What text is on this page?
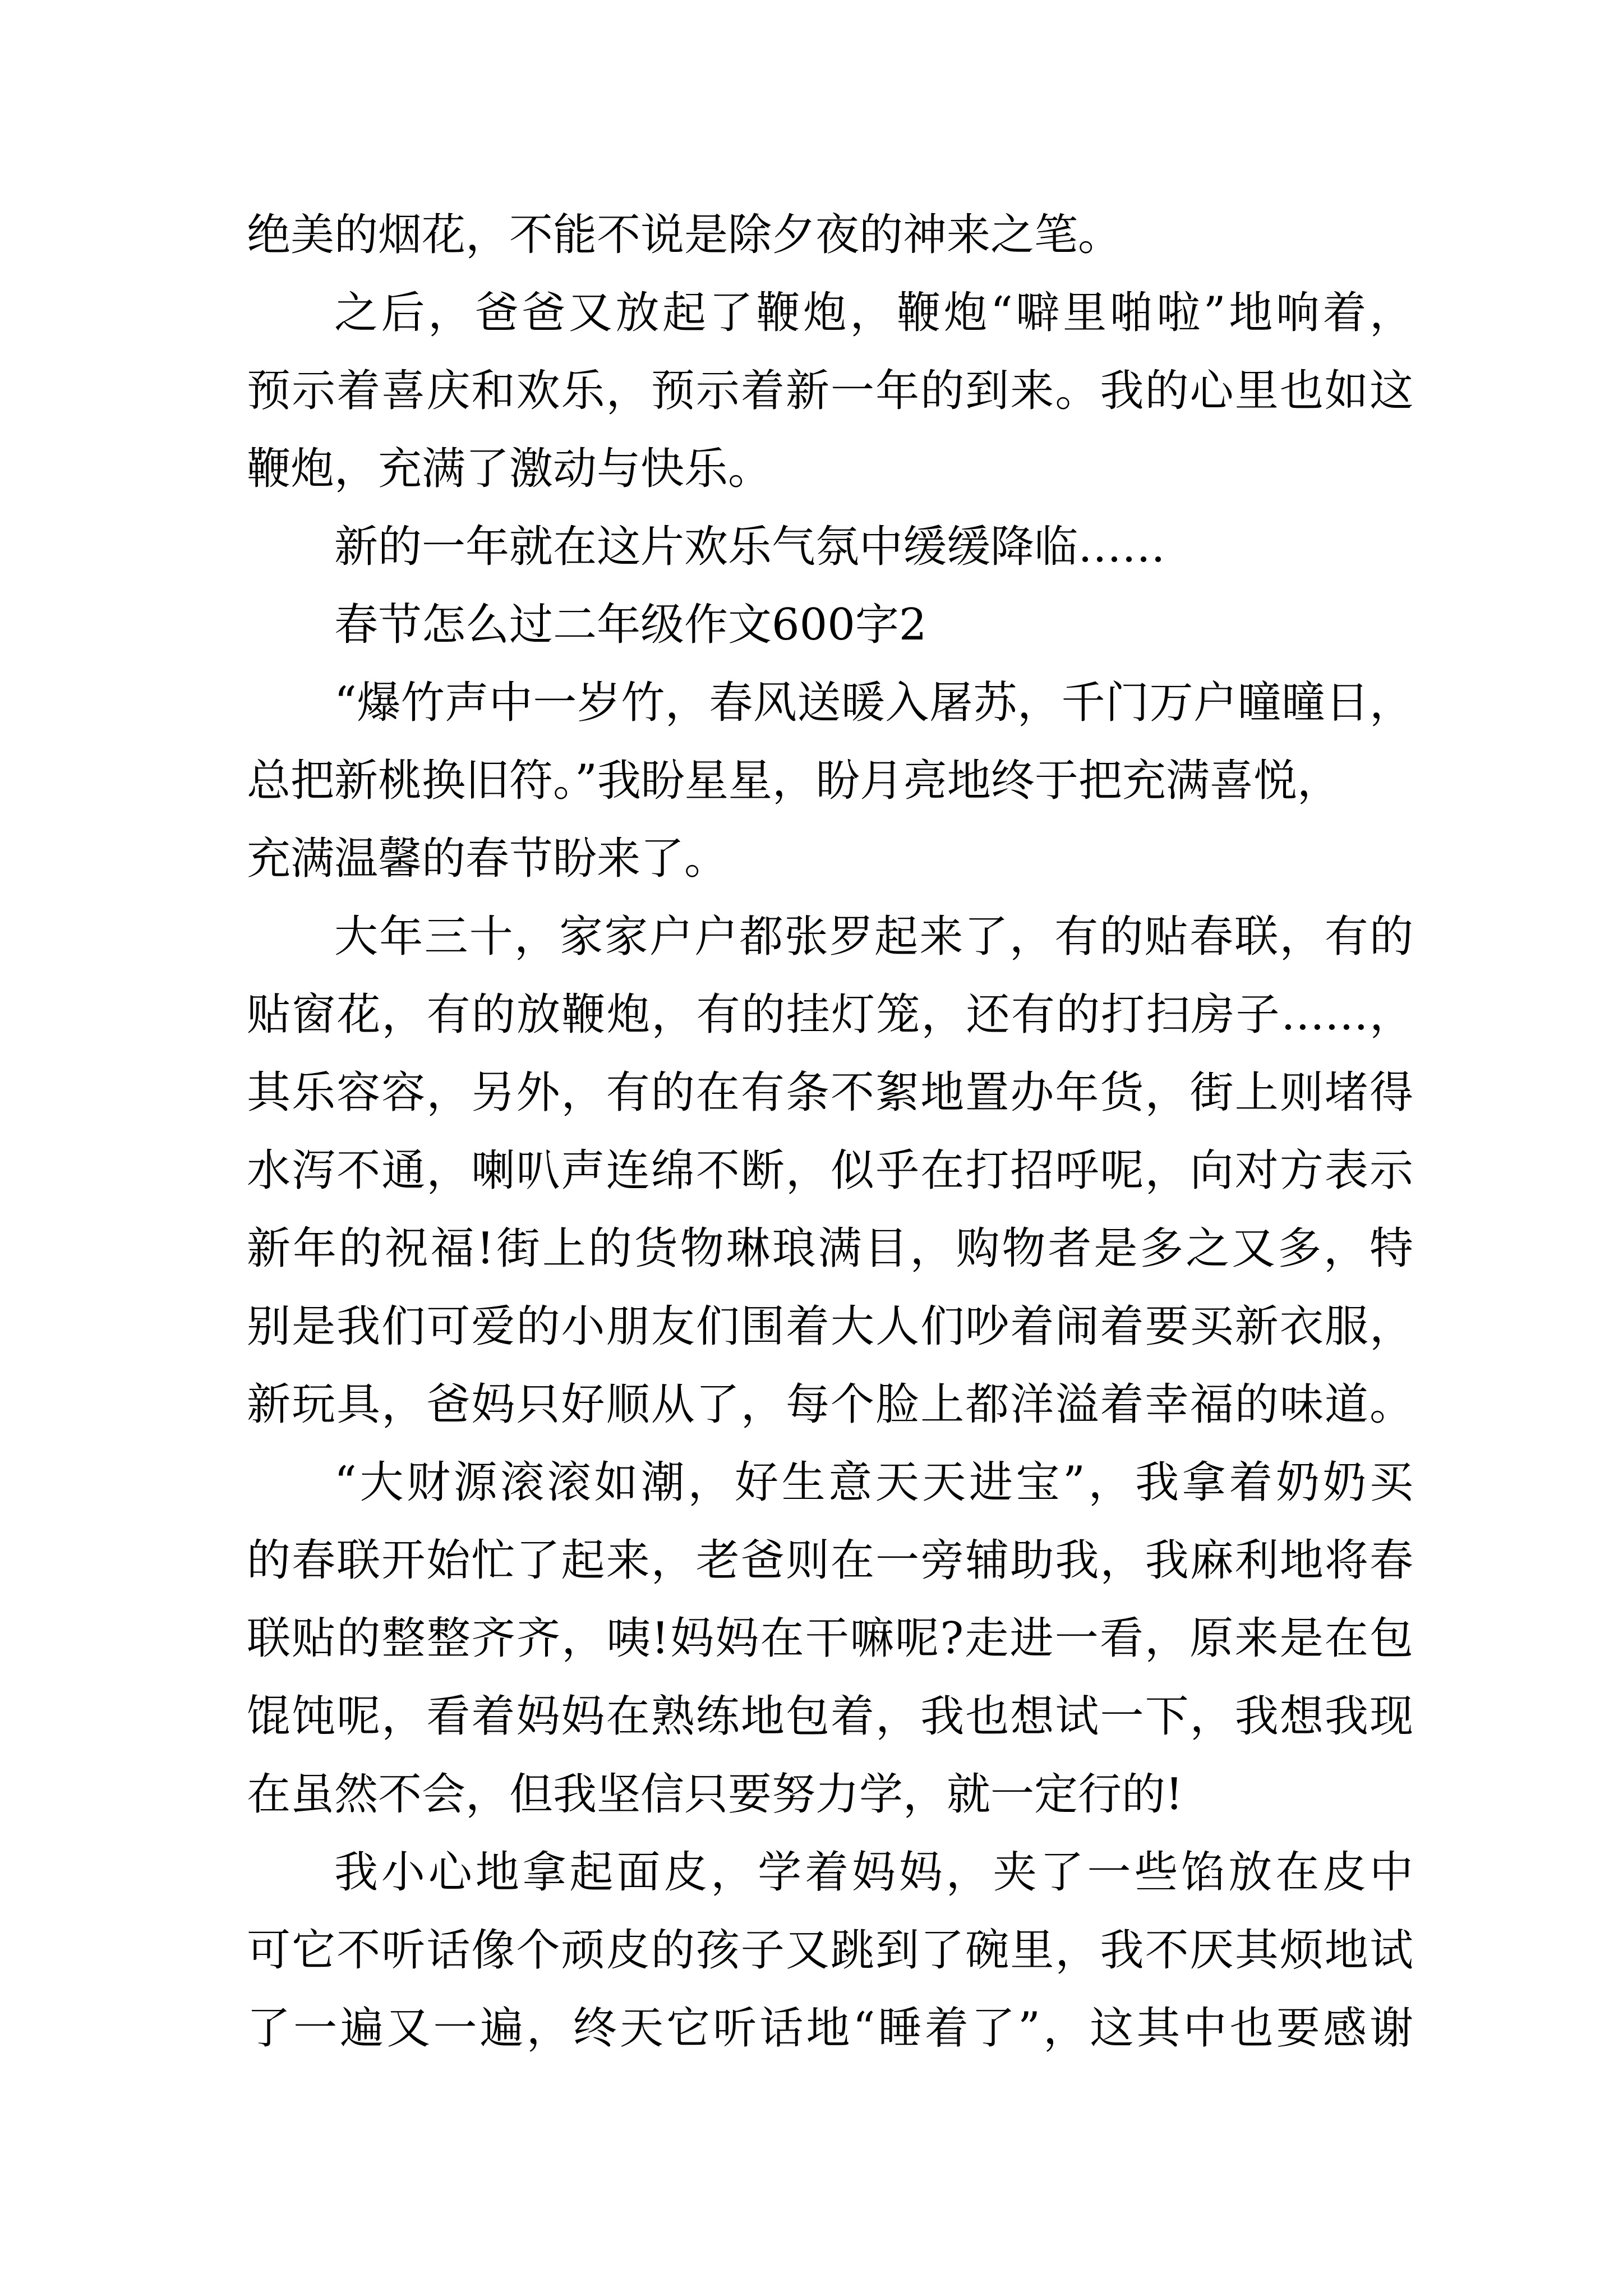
绝美的烟花，不能不说是除夕夜的神来之笔。
之后，爸爸又放起了鞭炮，鞭炮“噼里啪啦”地响着，
预示着喜庆和欢乐，预示着新一年的到来。我的心里也如这
鞭炮，充满了激动与快乐。
新的一年就在这片欢乐气氛中缓缓降临……
春节怎么过二年级作文600字2
“爆竹声中一岁竹，春风送暖入屠苏，千门万户曈曈日，
总把新桃换旧符。”我盼星星，盼月亮地终于把充满喜悦，
充满温馨的春节盼来了。
大年三十，家家户户都张罗起来了，有的贴春联，有的
贴窗花，有的放鞭炮，有的挂灯笼，还有的打扫房子……，
其乐容容，另外，有的在有条不絮地置办年货，街上则堵得
水泻不通，喇叭声连绵不断，似乎在打招呼呢，向对方表示
新年的祝福!街上的货物琳琅满目，购物者是多之又多，特
别是我们可爱的小朋友们围着大人们吵着闹着要买新衣服，
新玩具，爸妈只好顺从了，每个脸上都洋溢着幸福的味道。
“大财源滚滚如潮，好生意天天进宝”，我拿着奶奶买
的春联开始忙了起来，老爸则在一旁辅助我，我麻利地将春
联贴的整整齐齐，咦!妈妈在干嘛呢?走进一看，原来是在包
馄饨呢，看着妈妈在熟练地包着，我也想试一下，我想我现
在虽然不会，但我坚信只要努力学，就一定行的!
我小心地拿起面皮，学着妈妈，夹了一些馅放在皮中
可它不听话像个顽皮的孩子又跳到了碗里，我不厌其烦地试
了一遍又一遍，终天它听话地“睡着了”，这其中也要感谢
